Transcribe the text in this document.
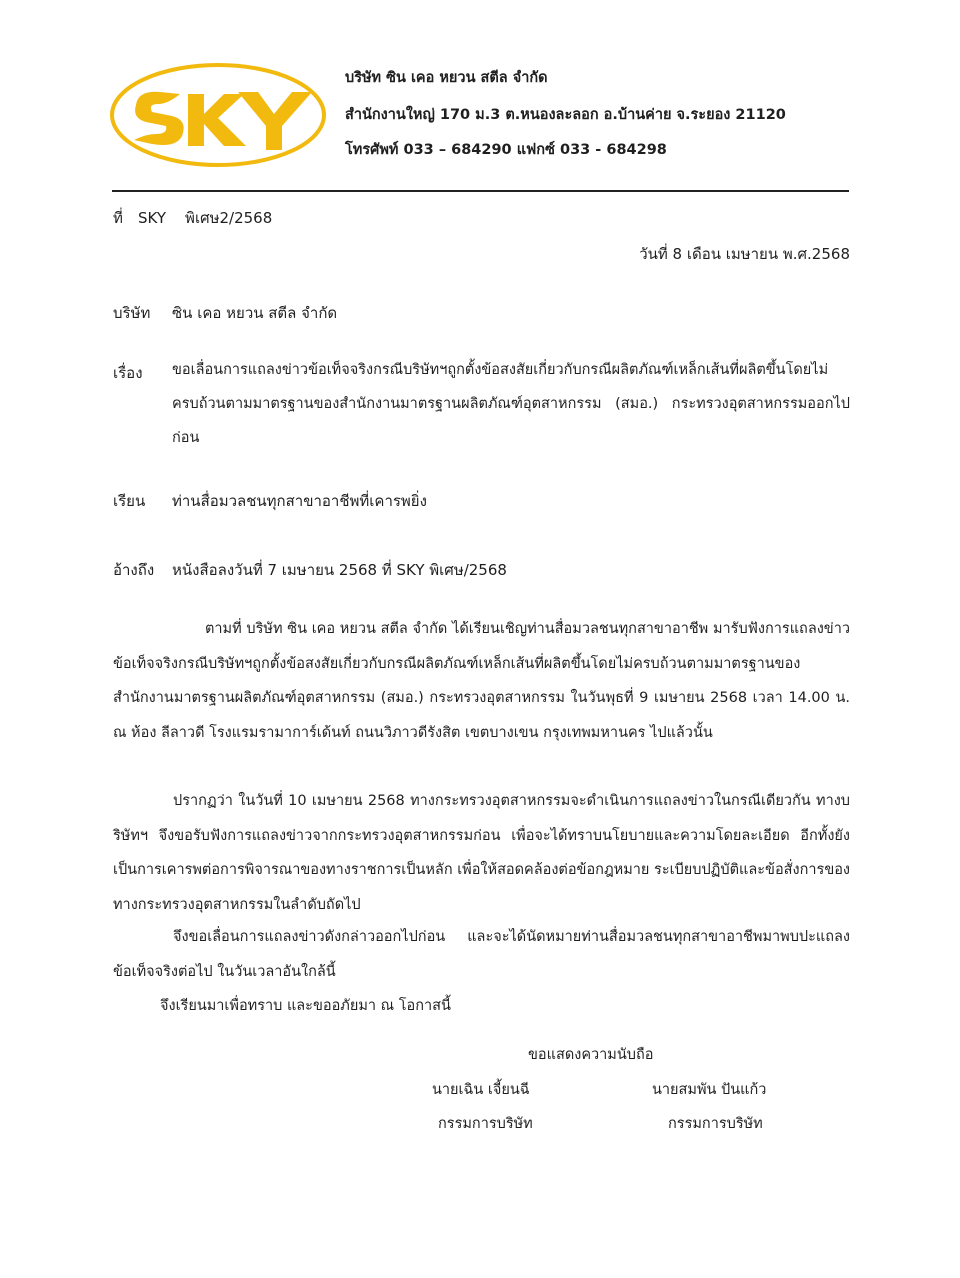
บริษัท ซิน เคอ หยวน สตีล จำกัด
สำนักงานใหญ่ 170 ม.3 ต.หนองละลอก อ.บ้านค่าย จ.ระยอง 21120
โทรศัพท์ 033 – 684290 แฟกซ์ 033 - 684298
ที่ SKY    พิเศษ2/2568
วันที่ 8 เดือน เมษายน พ.ศ.2568
บริษัท ซิน เคอ หยวน สตีล จำกัด
เรื่อง ขอเลื่อนการแถลงข่าวข้อเท็จจริงกรณีบริษัทฯถูกตั้งข้อสงสัยเกี่ยวกับกรณีผลิตภัณฑ์เหล็กเส้นที่ผลิตขึ้นโดยไม่ครบถ้วนตามมาตรฐานของสำนักงานมาตรฐานผลิตภัณฑ์อุตสาหกรรม (สมอ.) กระทรวงอุตสาหกรรมออกไปก่อน
เรียน ท่านสื่อมวลชนทุกสาขาอาชีพที่เคารพยิ่ง
อ้างถึง หนังสือลงวันที่ 7 เมษายน 2568 ที่ SKY พิเศษ/2568
ตามที่ บริษัท ซิน เคอ หยวน สตีล จำกัด ได้เรียนเชิญท่านสื่อมวลชนทุกสาขาอาชีพ มารับฟังการแถลงข่าวข้อเท็จจริงกรณีบริษัทฯถูกตั้งข้อสงสัยเกี่ยวกับกรณีผลิตภัณฑ์เหล็กเส้นที่ผลิตขึ้นโดยไม่ครบถ้วนตามมาตรฐานของสำนักงานมาตรฐานผลิตภัณฑ์อุตสาหกรรม (สมอ.) กระทรวงอุตสาหกรรม ในวันพุธที่ 9 เมษายน 2568 เวลา 14.00 น. ณ ห้อง ลีลาวดี โรงแรมรามาการ์เด้นท์ ถนนวิภาวดีรังสิต เขตบางเขน กรุงเทพมหานคร ไปแล้วนั้น
ปรากฏว่า ในวันที่ 10 เมษายน 2568 ทางกระทรวงอุตสาหกรรมจะดำเนินการแถลงข่าวในกรณีเดียวกัน ทางบริษัทฯ จึงขอรับฟังการแถลงข่าวจากกระทรวงอุตสาหกรรมก่อน เพื่อจะได้ทราบนโยบายและความโดยละเอียด อีกทั้งยังเป็นการเคารพต่อการพิจารณาของทางราชการเป็นหลัก เพื่อให้สอดคล้องต่อข้อกฎหมาย ระเบียบปฏิบัติและข้อสั่งการของทางกระทรวงอุตสาหกรรมในลำดับถัดไป
จึงขอเลื่อนการแถลงข่าวดังกล่าวออกไปก่อน และจะได้นัดหมายท่านสื่อมวลชนทุกสาขาอาชีพมาพบปะแถลงข้อเท็จจริงต่อไป ในวันเวลาอันใกล้นี้
จึงเรียนมาเพื่อทราบ และขออภัยมา ณ โอกาสนี้
ขอแสดงความนับถือ
นายเฉิน เจี้ยนฉี
กรรมการบริษัท
นายสมพัน ปันแก้ว
กรรมการบริษัท
